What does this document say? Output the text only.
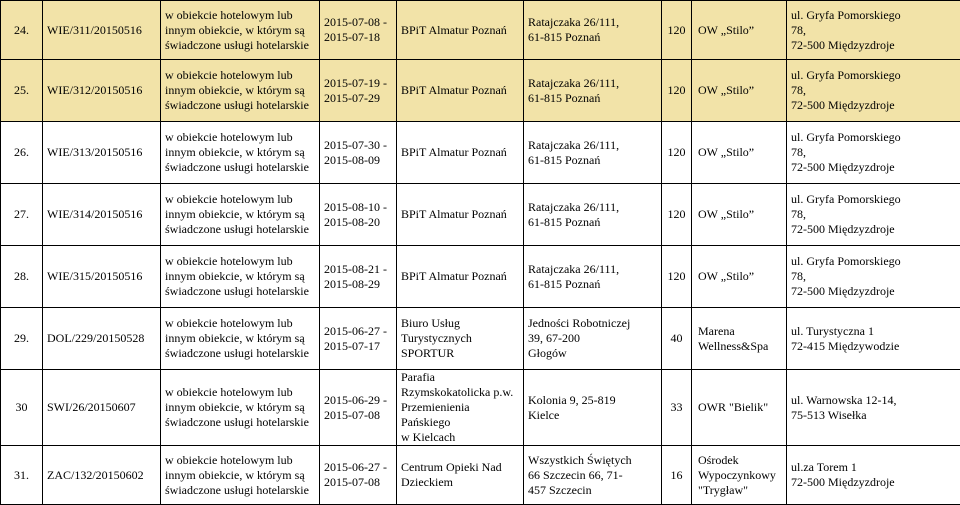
24.	WIE/311/20150516	w obiekcie hotelowym lub
innym obiekcie, w którym są
świadczone usługi hotelarskie	2015-07-08 -
2015-07-18	BPiT Almatur Poznań	Ratajczaka 26/111,
61-815 Poznań	120	OW „Stilo”	ul. Gryfa Pomorskiego
78,
72-500 Międzyzdroje
25.	WIE/312/20150516	w obiekcie hotelowym lub
innym obiekcie, w którym są
świadczone usługi hotelarskie	2015-07-19 -
2015-07-29	BPiT Almatur Poznań	Ratajczaka 26/111,
61-815 Poznań	120	OW „Stilo”	ul. Gryfa Pomorskiego
78,
72-500 Międzyzdroje
26.	WIE/313/20150516	w obiekcie hotelowym lub
innym obiekcie, w którym są
świadczone usługi hotelarskie	2015-07-30 -
2015-08-09	BPiT Almatur Poznań	Ratajczaka 26/111,
61-815 Poznań	120	OW „Stilo”	ul. Gryfa Pomorskiego
78,
72-500 Międzyzdroje
27.	WIE/314/20150516	w obiekcie hotelowym lub
innym obiekcie, w którym są
świadczone usługi hotelarskie	2015-08-10 -
2015-08-20	BPiT Almatur Poznań	Ratajczaka 26/111,
61-815 Poznań	120	OW „Stilo”	ul. Gryfa Pomorskiego
78,
72-500 Międzyzdroje
28.	WIE/315/20150516	w obiekcie hotelowym lub
innym obiekcie, w którym są
świadczone usługi hotelarskie	2015-08-21 -
2015-08-29	BPiT Almatur Poznań	Ratajczaka 26/111,
61-815 Poznań	120	OW „Stilo”	ul. Gryfa Pomorskiego
78,
72-500 Międzyzdroje
29.	DOL/229/20150528	w obiekcie hotelowym lub
innym obiekcie, w którym są
świadczone usługi hotelarskie	2015-06-27 -
2015-07-17	Biuro Usług
Turystycznych
SPORTUR	Jedności Robotniczej
39, 67-200
Głogów	40	Marena
Wellness&Spa	ul. Turystyczna 1
72-415 Międzywodzie
30	SWI/26/20150607	w obiekcie hotelowym lub
innym obiekcie, w którym są
świadczone usługi hotelarskie	2015-06-29 -
2015-07-08	Parafia
Rzymskokatolicka p.w.
Przemienienia Pańskiego
w Kielcach	Kolonia 9, 25-819
Kielce	33	OWR "Bielik"	ul. Warnowska 12-14,
75-513 Wisełka
31.	ZAC/132/20150602	w obiekcie hotelowym lub
innym obiekcie, w którym są
świadczone usługi hotelarskie	2015-06-27 -
2015-07-08	Centrum Opieki Nad
Dzieckiem	Wszystkich Świętych
66 Szczecin 66, 71-
457 Szczecin	16	Ośrodek
Wypoczynkowy
"Trygław"	ul.za Torem 1
72-500 Międzyzdroje
